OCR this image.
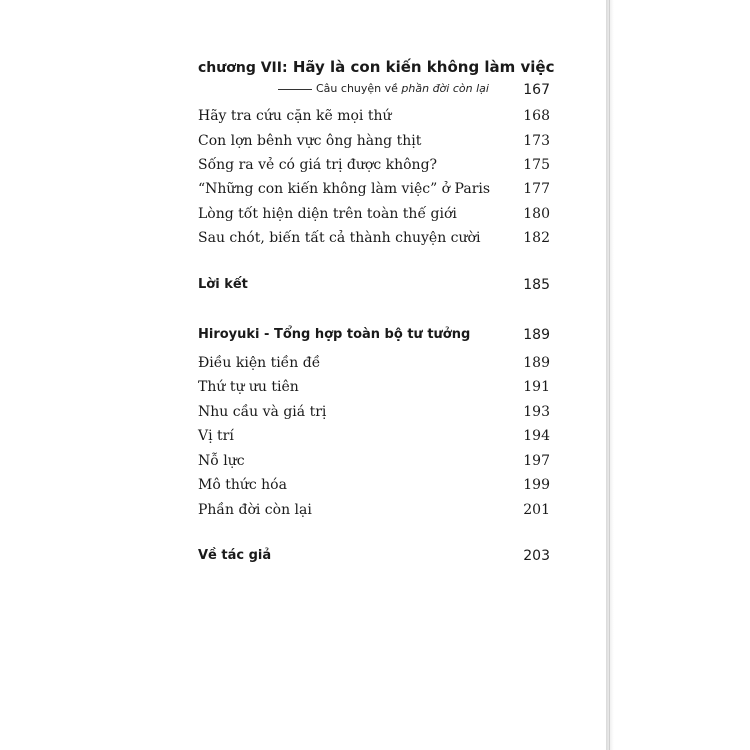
chương VII: Hãy là con kiến không làm việc
Câu chuyện về phần đời còn lại 167
Hãy tra cứu cặn kẽ mọi thứ	168
Con lợn bênh vực ông hàng thịt	173
Sống ra vẻ có giá trị được không?	175
“Những con kiến không làm việc” ở Paris 177
Lòng tốt hiện diện trên toàn thế giới	180
Sau chót, biến tất cả thành chuyện cười	182
Lời kết	185
Hiroyuki - Tổng hợp toàn bộ tư tưởng	189
Điều kiện tiền đề	189
Thứ tự ưu tiên	191
Nhu cầu và giá trị	193
Vị trí	194
Nỗ lực	197
Mô thức hóa	199
Phần đời còn lại	201
Về tác giả	203
